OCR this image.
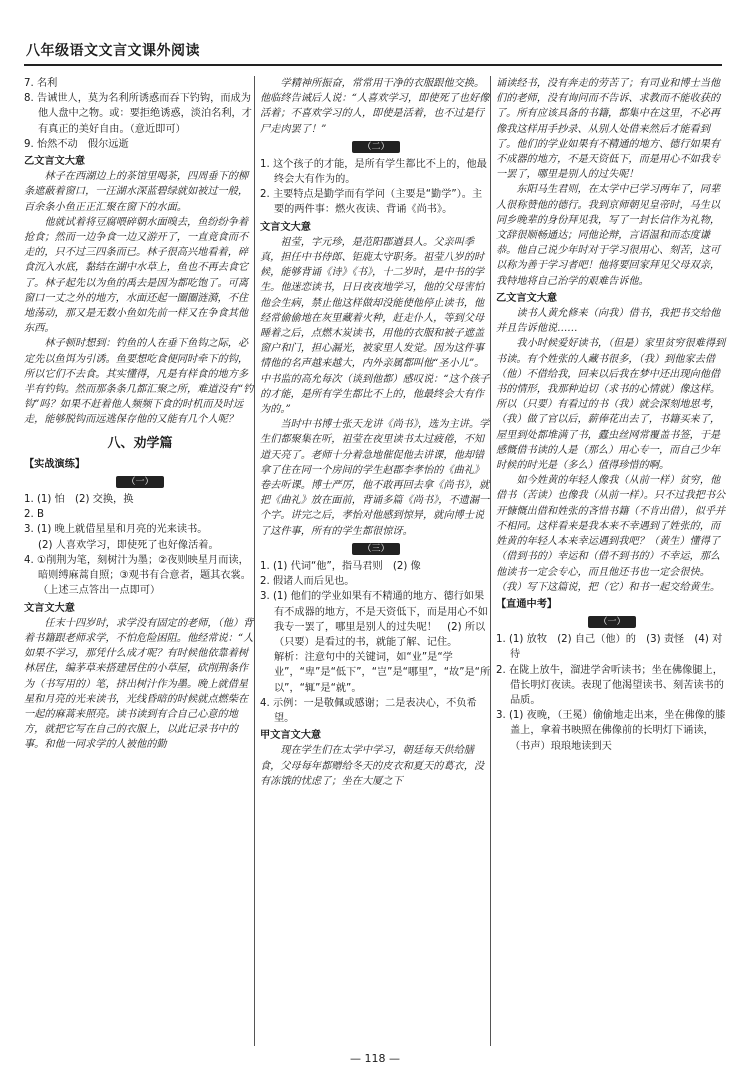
八年级语文文言文课外阅读
7. 名利
8. 告诫世人，莫为名利所诱惑而吞下钓钩，而成为他人盘中之物。或：要拒绝诱惑，淡泊名利，才有真正的美好自由。（意近即可）
9. 怡然不动　假尔远逝
乙文言文大意

林子在西湖边上的茶馆里喝茶，四周垂下的柳条遮蔽着窗口，一汪湖水深蓝碧绿就如被过一般，百余条小鱼正正汇聚在窗下的水面。

他就试着将豆腐喂碎朝水面嗅去，鱼纷纷争着抢食；然而一边争食一边又游开了，一直竟食而不走的，只不过三四条而已。林子很高兴地看着，碎食沉入水底，黏结在湖中水草上，鱼也不再去食它了。林子起先以为鱼的禹去是因为都吃饱了。可离窗口一丈之外的地方，水面还起一圈圈涟漪，不住地荡动，那又是无数小鱼如先前一样又在争食其他东西。

林子顿时想到：钓鱼的人在垂下鱼钩之际，必定先以鱼饵为引诱。鱼要想吃食便同时牵下的钩，所以它们不去食。其实懂得，凡是有样食的地方多半有钓钩。然而那条条几都汇聚之所，难道没有“钓钩”吗？如果不赶着他人频频下食的时机而及时远走，能够脱钩而远逃保存他的又能有几个人呢？

八、劝学篇
【实战演练】
（一）
1. (1) 怕　(2) 交换，换
2. B
3. (1) 晚上就借星星和月亮的光来读书。
(2) 人喜欢学习，即使死了也好像活着。
4. ①削荆为笔，刻树汁为墨；②夜则映星月而读，暗则缚麻蒿自照；③观书有合意者，题其衣裳。（上述三点答出一点即可）
文言文大意

任末十四岁时，求学没有固定的老师，（他）背着书籍跟老师求学，不怕危险困阻。他经常说：“人如果不学习，那凭什么成才呢？有时候他依靠着树林居住，编茅草来搭建居住的小草屋，砍削荆条作为（书写用的）笔，挤出树汁作为墨。晚上就借星星和月亮的光来读书，光线昏暗的时候就点燃柴在一起的麻蒿来照亮。读书读到有合自己心意的地方，就把它写在自己的衣服上，以此记录书中的事。和他一同求学的人被他的勤

学精神所振奋，常常用干净的衣服跟他交换。他临终告诫后人说：“人喜欢学习，即使死了也好像活着；不喜欢学习的人，即使是活着，也不过是行尸走肉罢了！”

（二）
1. 这个孩子的才能，是所有学生都比不上的，他最终会大有作为的。
2. 主要特点是勤学而有学问（主要是“勤学”）。主要的两件事：燃火夜读、背诵《尚书》。
文言文大意

祖莹，字元珍，是范阳郡遒县人。父亲叫季真，担任中书侍郎、钜鹿太守职务。祖莹八岁的时候，能够背诵《诗》《书》，十二岁时，是中书的学生。他迷恋读书，日日夜夜地学习，他的父母害怕他会生病，禁止他这样做却没能使他停止读书，他经常偷偷地在灰里藏着火种，赶走仆人，等到父母睡着之后，点燃木炭读书，用他的衣服和被子遮盖窗户和门，担心漏光，被家里人发觉。因为这件事情他的名声越来越大，内外亲属都叫他“圣小儿”。中书监的高允每次（谈到他都）感叹说：“这个孩子的才能，是所有学生都比不上的，他最终会大有作为的。”

当时中书博士张天龙讲《尚书》，选为主讲。学生们都聚集在听，祖莹在夜里读书太过疲倦，不知道天亮了。老师十分着急地催促他去讲课，他却错拿了住在同一个房间的学生赵郡李孝怡的《曲礼》卷去听课。博士严厉，他不敢再回去拿《尚书》，就把《曲礼》放在面前，背诵多篇《尚书》，不遗漏一个字。讲完之后，孝怡对他感到惊异，就向博士说了这件事，所有的学生都很惊讶。

（三）
1. (1) 代词“他”，指马君则　(2) 像
2. 假诸人而后见也。
3. (1) 他们的学业如果有不精通的地方、德行如果有不成器的地方，不是天资低下，而是用心不如我专一罢了，哪里是别人的过失呢！　(2) 所以（只要）是看过的书，就能了解、记住。
解析：注意句中的关键词，如“业”是“学业”，“卑”是“低下”，“岂”是“哪里”，“故”是“所以”，“辄”是“就”。
4. 示例：一是敬佩或感谢；二是表决心，不负希望。
甲文言文大意

现在学生们在太学中学习，朝廷每天供给膳食，父母每年都赠给冬天的皮衣和夏天的葛衣，没有冻饿的忧虑了；坐在大厦之下

诵读经书，没有奔走的劳苦了；有司业和博士当他们的老师，没有询问而不告诉、求教而不能收获的了。所有应该具备的书籍，都集中在这里，不必再像我这样用手抄录、从别人处借来然后才能看到了。他们的学业如果有不精通的地方、德行如果有不成器的地方，不是天资低下，而是用心不如我专一罢了，哪里是别人的过失呢！

东阳马生君则，在太学中已学习两年了，同辈人很称赞他的德行。我到京师朝见皇帝时，马生以同乡晚辈的身份拜见我，写了一封长信作为礼物，文辞很顺畅通达；同他论辩，言语温和而态度谦恭。他自己说少年时对于学习很用心、刻苦，这可以称为善于学习者吧！他将要回家拜见父母双亲，我特地将自己治学的艰难告诉他。

乙文言文大意

读书人黄允修来（向我）借书，我把书交给他并且告诉他说……

我小时候爱好读书，（但是）家里贫穷很难得到书读。有个姓张的人藏书很多，（我）到他家去借（他）不借给我，回来以后我在梦中还出现向他借书的情形，我那种迫切（求书的心情就）像这样。所以（只要）有看过的书（我）就会深刻地思考，（我）做了官以后，薪俸花出去了，书籍买来了，屋里到处都堆满了书，蠹虫丝网常覆盖书签，于是感慨借书读的人是（那么）用心专一，而自己少年时候的时光是（多么）值得珍惜的啊。

如今姓黄的年轻人像我（从前一样）贫穷，他借书（苦读）也像我（从前一样）。只不过我把书公开慷慨出借和姓张的吝惜书籍（不肯出借），似乎并不相同。这样看来是我本来不幸遇到了姓张的，而姓黄的年轻人本来幸运遇到我吧？（黄生）懂得了（借到书的）幸运和（借不到书的）不幸运，那么他读书一定会专心，而且他还书也一定会很快。（我）写下这篇说，把（它）和书一起交给黄生。

【直通中考】
（一）
1. (1) 放牧　(2) 自己（他）的　(3) 责怪　(4) 对待
2. 在陇上放牛，溜进学舍听读书；坐在佛像腿上，借长明灯夜读。表现了他渴望读书、刻苦读书的品质。
3. (1) 夜晚，（王冕）偷偷地走出来，坐在佛像的膝盖上，拿着书映照在佛像前的长明灯下诵读，（书声）琅琅地读到天
— 118 —
